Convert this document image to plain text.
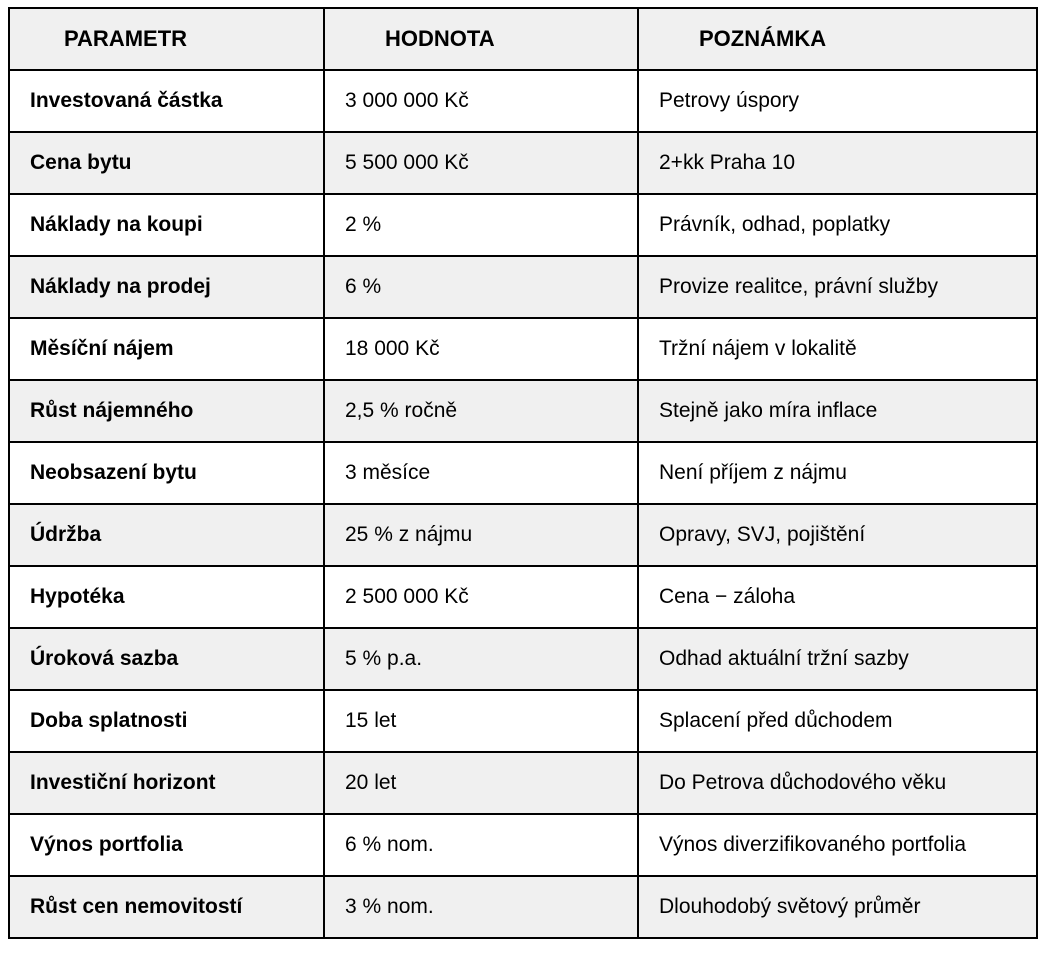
PARAMETR	HODNOTA	POZNÁMKA
Investovaná částka	3 000 000 Kč	Petrovy úspory
Cena bytu	5 500 000 Kč	2+kk Praha 10
Náklady na koupi	2 %	Právník, odhad, poplatky
Náklady na prodej	6 %	Provize realitce, právní služby
Měsíční nájem	18 000 Kč	Tržní nájem v lokalitě
Růst nájemného	2,5 % ročně	Stejně jako míra inflace
Neobsazení bytu	3 měsíce	Není příjem z nájmu
Údržba	25 % z nájmu	Opravy, SVJ, pojištění
Hypotéka	2 500 000 Kč	Cena − záloha
Úroková sazba	5 % p.a.	Odhad aktuální tržní sazby
Doba splatnosti	15 let	Splacení před důchodem
Investiční horizont	20 let	Do Petrova důchodového věku
Výnos portfolia	6 % nom.	Výnos diverzifikovaného portfolia
Růst cen nemovitostí	3 % nom.	Dlouhodobý světový průměr
